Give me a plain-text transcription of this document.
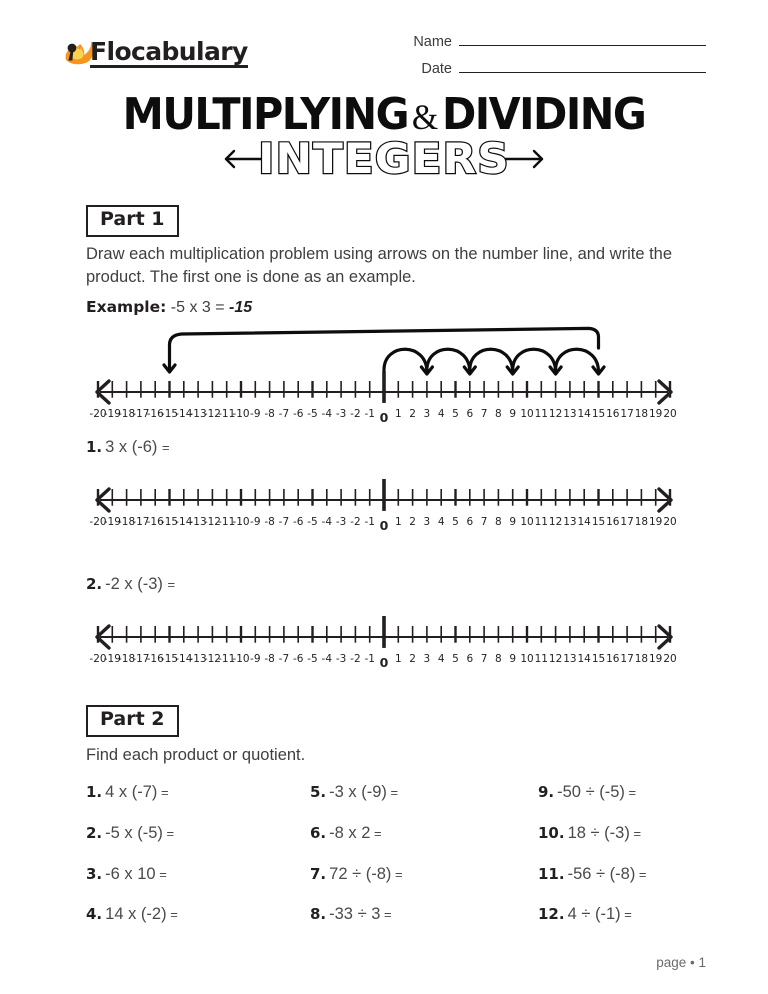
Flocabulary	Name
Date
MULTIPLYING &DIVIDING
INTEGERS
Part 1
Draw each multiplication problem using arrows on the number line, and write the product. The first one is done as an example.
Example: -5 x 3 = -15
-20
-19
-18
-17
-16
-15
-14
-13
-12
-11
-10 -9 -8 -7 -6 -5 -4 -3 -2 -1 0 1 2 3 4 5 6 7 8 9 10 11 12 13 14 15 16 17 18 19 20
1. 3 x (-6) =
-20
-19
-18
-17
-16
-15
-14
-13
-12
-11
-10 -9 -8 -7 -6 -5 -4 -3 -2 -1 0 1 2 3 4 5 6 7 8 9 10 11 12 13 14 15 16 17 18 19 20
2. -2 x (-3) =
-20
-19
-18
-17
-16
-15
-14
-13
-12
-11
-10 -9 -8 -7 -6 -5 -4 -3 -2 -1 0 1 2 3 4 5 6 7 8 9 10 11 12 13 14 15 16 17 18 19 20
Part 2
Find each product or quotient.
1. 4 x (-7) =
2. -5 x (-5) =
3. -6 x 10 =
4. 14 x (-2) =
5. -3 x (-9) =
6. -8 x 2 =
7. 72 ÷ (-8) =
8. -33 ÷ 3 =
9. -50 ÷ (-5) =
10. 18 ÷ (-3) =
11. -56 ÷ (-8) =
12. 4 ÷ (-1) =
page • 1
